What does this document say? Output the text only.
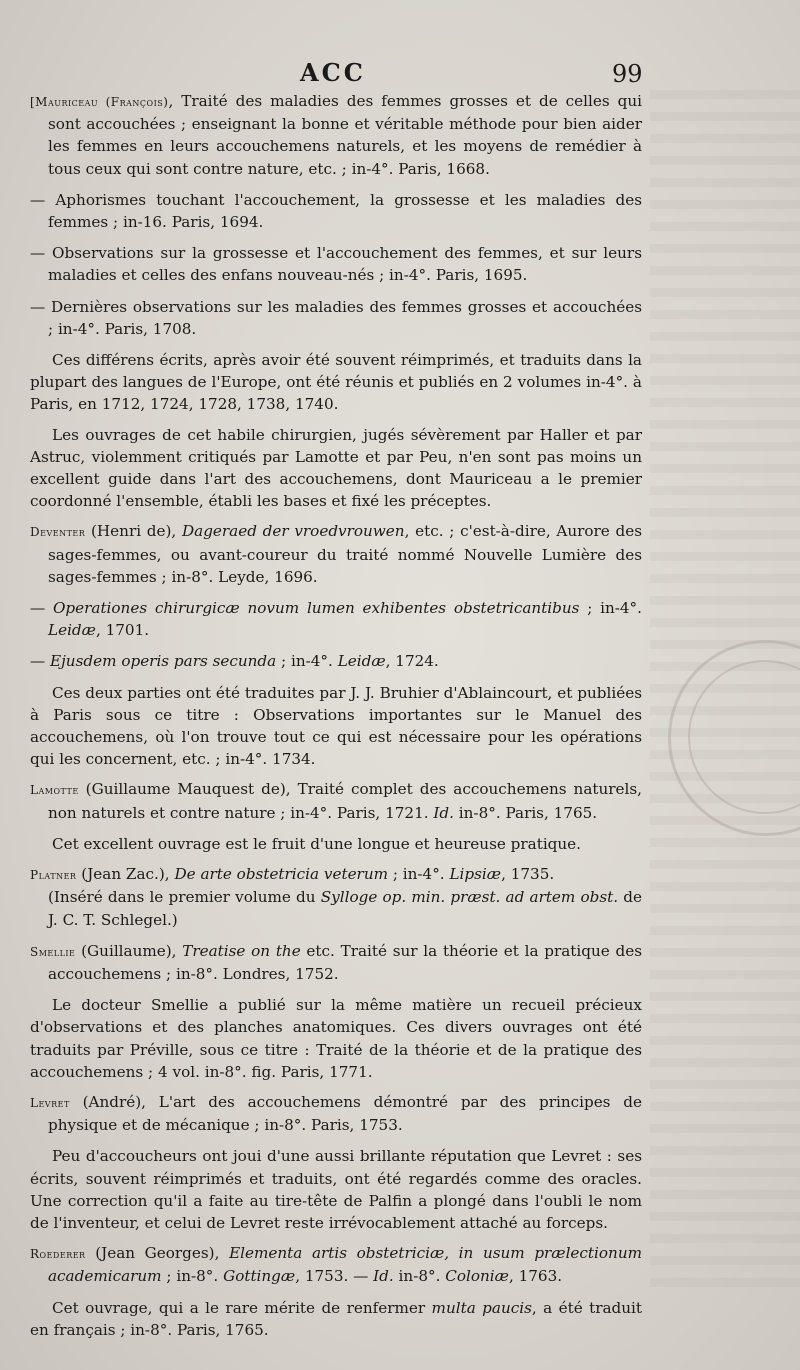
ACC	99

[Mauriceau (François), Traité des maladies des femmes grosses et de celles qui sont accouchées ; enseignant la bonne et véritable méthode pour bien aider les femmes en leurs accouchemens naturels, et les moyens de remédier à tous ceux qui sont contre nature, etc. ; in-4°. Paris, 1668.

— Aphorismes touchant l'accouchement, la grossesse et les maladies des femmes ; in-16. Paris, 1694.

— Observations sur la grossesse et l'accouchement des femmes, et sur leurs maladies et celles des enfans nouveau-nés ; in-4°. Paris, 1695.

— Dernières observations sur les maladies des femmes grosses et accouchées ; in-4°. Paris, 1708.

Ces différens écrits, après avoir été souvent réimprimés, et traduits dans la plupart des langues de l'Europe, ont été réunis et publiés en 2 volumes in-4°. à Paris, en 1712, 1724, 1728, 1738, 1740.

Les ouvrages de cet habile chirurgien, jugés sévèrement par Haller et par Astruc, violemment critiqués par Lamotte et par Peu, n'en sont pas moins un excellent guide dans l'art des accouchemens, dont Mauriceau a le premier coordonné l'ensemble, établi les bases et fixé les préceptes.

Deventer (Henri de), Dageraed der vroedvrouwen, etc. ; c'est-à-dire, Aurore des sages-femmes, ou avant-coureur du traité nommé Nouvelle Lumière des sages-femmes ; in-8°. Leyde, 1696.

— Operationes chirurgicæ novum lumen exhibentes obstetricantibus ; in-4°. Leidæ, 1701.

— Ejusdem operis pars secunda ; in-4°. Leidæ, 1724.

Ces deux parties ont été traduites par J. J. Bruhier d'Ablaincourt, et publiées à Paris sous ce titre : Observations importantes sur le Manuel des accouchemens, où l'on trouve tout ce qui est nécessaire pour les opérations qui les concernent, etc. ; in-4°. 1734.

Lamotte (Guillaume Mauquest de), Traité complet des accouchemens naturels, non naturels et contre nature ; in-4°. Paris, 1721. Id. in-8°. Paris, 1765.

Cet excellent ouvrage est le fruit d'une longue et heureuse pratique.

Platner (Jean Zac.), De arte obstetricia veterum ; in-4°. Lipsiæ, 1735.
(Inséré dans le premier volume du Sylloge op. min. præst. ad artem obst. de J. C. T. Schlegel.)

Smellie (Guillaume), Treatise on the etc. Traité sur la théorie et la pratique des accouchemens ; in-8°. Londres, 1752.

Le docteur Smellie a publié sur la même matière un recueil précieux d'observations et des planches anatomiques. Ces divers ouvrages ont été traduits par Préville, sous ce titre : Traité de la théorie et de la pratique des accouchemens ; 4 vol. in-8°. fig. Paris, 1771.

Levret (André), L'art des accouchemens démontré par des principes de physique et de mécanique ; in-8°. Paris, 1753.

Peu d'accoucheurs ont joui d'une aussi brillante réputation que Levret : ses écrits, souvent réimprimés et traduits, ont été regardés comme des oracles. Une correction qu'il a faite au tire-tête de Palfin a plongé dans l'oubli le nom de l'inventeur, et celui de Levret reste irrévocablement attaché au forceps.

Roederer (Jean Georges), Elementa artis obstetriciæ, in usum prælectionum academicarum ; in-8°. Gottingæ, 1753. — Id. in-8°. Coloniæ, 1763.

Cet ouvrage, qui a le rare mérite de renfermer multa paucis, a été traduit en français ; in-8°. Paris, 1765.
